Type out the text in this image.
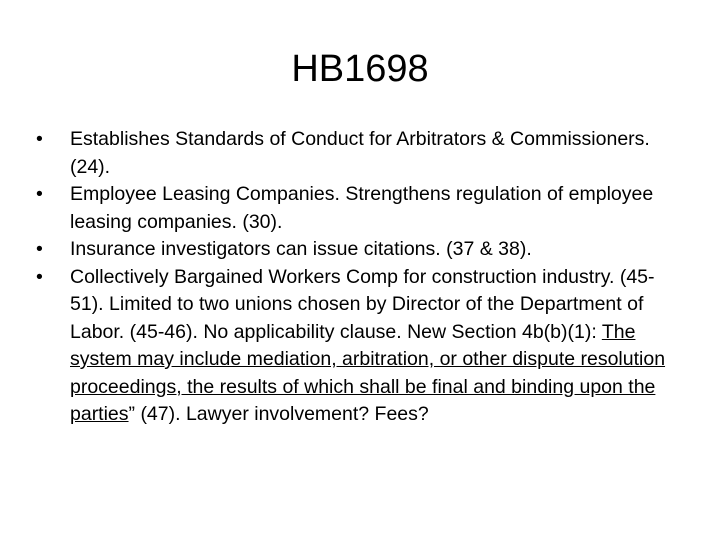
HB1698
•	Establishes Standards of Conduct for Arbitrators & Commissioners. (24).
•	Employee Leasing Companies. Strengthens regulation of employee leasing companies. (30).
•	Insurance investigators can issue citations. (37 & 38).
•	Collectively Bargained Workers Comp for construction industry. (45-51). Limited to two unions chosen by Director of the Department of Labor. (45-46). No applicability clause. New Section 4b(b)(1): The system may include mediation, arbitration, or other dispute resolution proceedings, the results of which shall be final and binding upon the parties” (47). Lawyer involvement? Fees?
